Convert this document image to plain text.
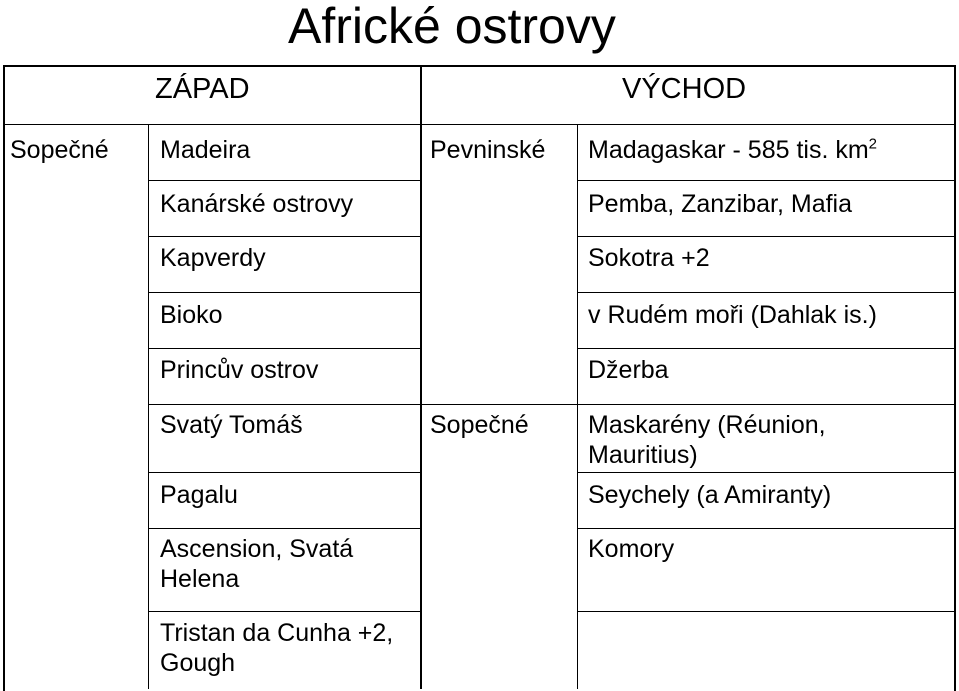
Africké ostrovy
ZÁPAD	VÝCHOD
Sopečné Madeira
Kanárské ostrovy
Kapverdy
Bioko
Princův ostrov
Svatý Tomáš
Pagalu
Ascension, Svatá Helena
Tristan da Cunha +2, Gough
Pevninské
Sopečné
Madagaskar - 585 tis. $km^2$
Pemba, Zanzibar, Mafia
Sokotra +2
v Rudém moři (Dahlak is.)
Džerba
Maskarény (Réunion, Mauritius)
Seychely (a Amiranty)
Komory
